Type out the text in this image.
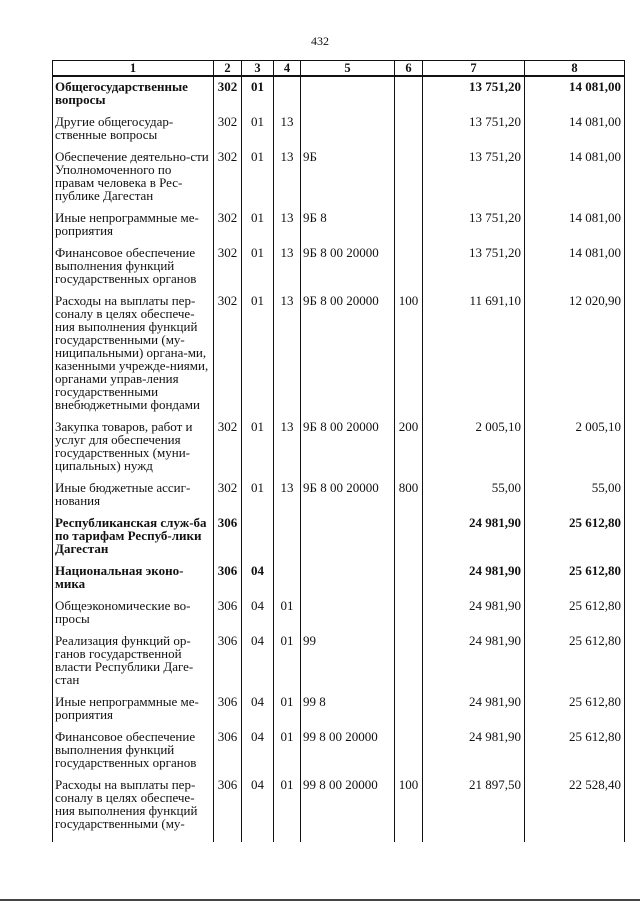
432
1	2	3	4	5	6	7	8
Общегосударственные вопросы	302	01				13 751,20	14 081,00
Другие общегосудар-ственные вопросы	302	01	13			13 751,20	14 081,00
Обеспечение деятельно-сти Уполномоченного по правам человека в Рес-публике Дагестан	302	01	13	9Б		13 751,20	14 081,00
Иные непрограммные ме-роприятия	302	01	13	9Б 8		13 751,20	14 081,00
Финансовое обеспечение выполнения функций государственных органов	302	01	13	9Б 8 00 20000		13 751,20	14 081,00
Расходы на выплаты пер-соналу в целях обеспече-ния выполнения функций государственными (му-ниципальными) органа-ми, казенными учрежде-ниями, органами управ-ления государственными внебюджетными фондами	302	01	13	9Б 8 00 20000	100	11 691,10	12 020,90
Закупка товаров, работ и услуг для обеспечения государственных (муни-ципальных) нужд	302	01	13	9Б 8 00 20000	200	2 005,10	2 005,10
Иные бюджетные ассиг-нования	302	01	13	9Б 8 00 20000	800	55,00	55,00
Республиканская служ-ба по тарифам Респуб-лики Дагестан	306					24 981,90	25 612,80
Национальная эконо-мика	306	04				24 981,90	25 612,80
Общеэкономические во-просы	306	04	01			24 981,90	25 612,80
Реализация функций ор-ганов государственной власти Республики Даге-стан	306	04	01	99		24 981,90	25 612,80
Иные непрограммные ме-роприятия	306	04	01	99 8		24 981,90	25 612,80
Финансовое обеспечение выполнения функций государственных органов	306	04	01	99 8 00 20000		24 981,90	25 612,80
Расходы на выплаты пер-соналу в целях обеспече-ния выполнения функций государственными (му-	306	04	01	99 8 00 20000	100	21 897,50	22 528,40
